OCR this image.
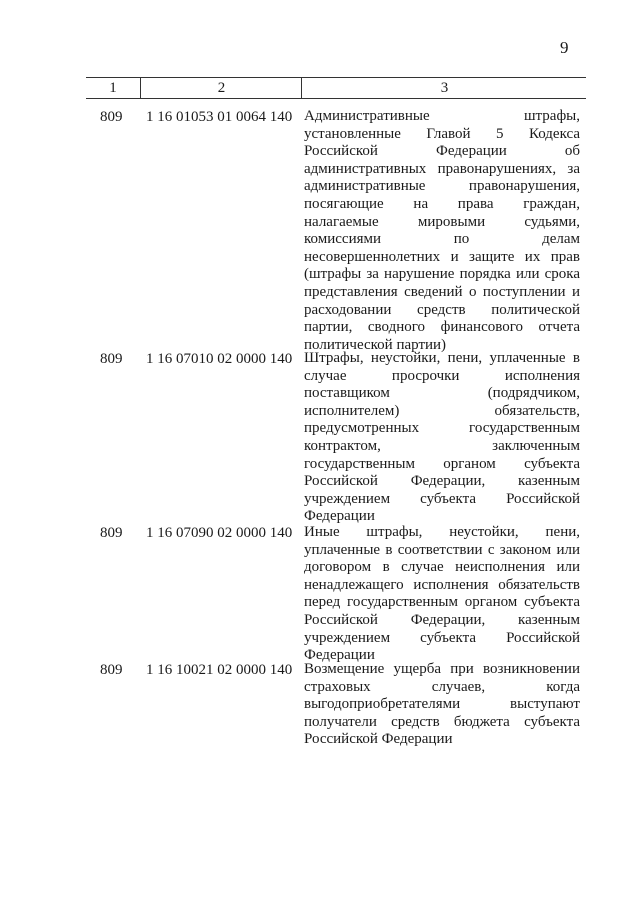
9
1	2	3
809 1 16 01053 01 0064 140 Административные штрафы,
установленные Главой 5 Кодекса
Российской Федерации об
административных правонарушениях, за
административные правонарушения,
посягающие на права граждан,
налагаемые мировыми судьями,
комиссиями по делам
несовершеннолетних и защите их прав
(штрафы за нарушение порядка или срока
представления сведений о поступлении и
расходовании средств политической
партии, сводного финансового отчета
политической партии)
809 1 16 07010 02 0000 140 Штрафы, неустойки, пени, уплаченные в
случае просрочки исполнения
поставщиком (подрядчиком,
исполнителем) обязательств,
предусмотренных государственным
контрактом, заключенным
государственным органом субъекта
Российской Федерации, казенным
учреждением субъекта Российской
Федерации
809 1 16 07090 02 0000 140 Иные штрафы, неустойки, пени,
уплаченные в соответствии с законом или
договором в случае неисполнения или
ненадлежащего исполнения обязательств
перед государственным органом субъекта
Российской Федерации, казенным
учреждением субъекта Российской
Федерации
809 1 16 10021 02 0000 140 Возмещение ущерба при возникновении
страховых случаев, когда
выгодоприобретателями выступают
получатели средств бюджета субъекта
Российской Федерации
